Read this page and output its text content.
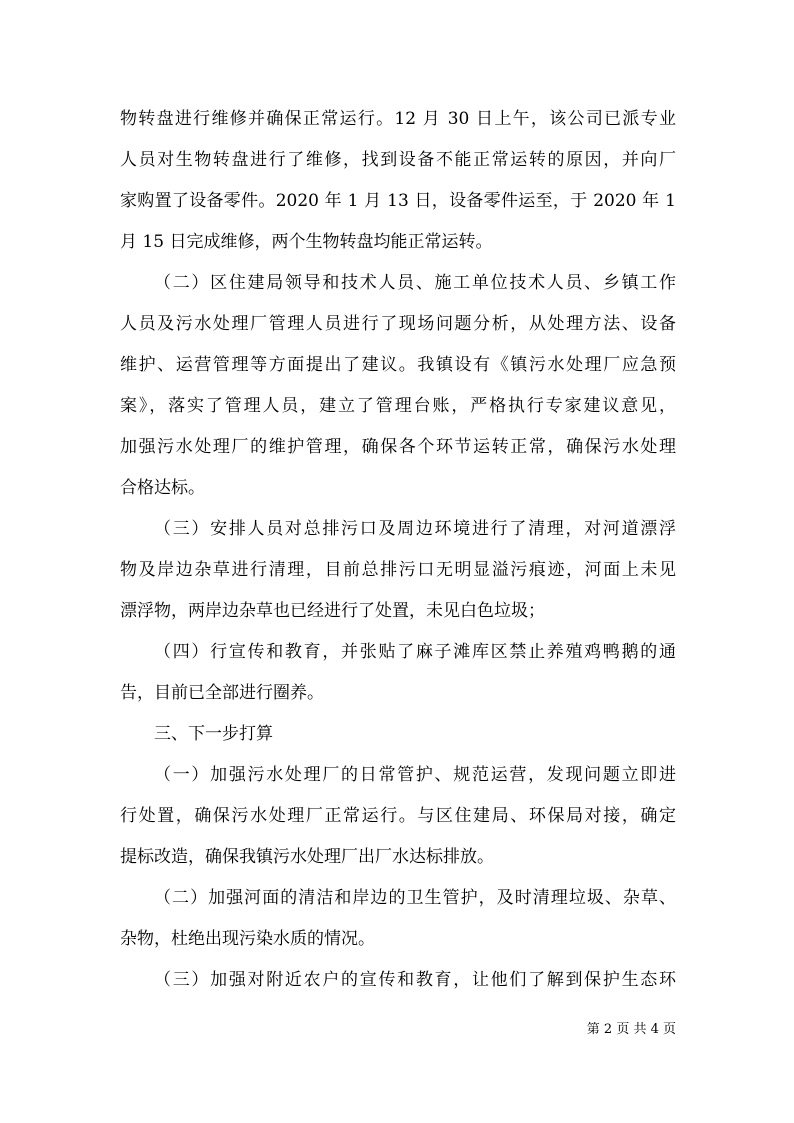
物转盘进行维修并确保正常运行。12 月 30 日上午，该公司已派专业
人员对生物转盘进行了维修，找到设备不能正常运转的原因，并向厂
家购置了设备零件。2020 年 1 月 13 日，设备零件运至，于 2020 年 1
月 15 日完成维修，两个生物转盘均能正常运转。
（二）区住建局领导和技术人员、施工单位技术人员、乡镇工作
人员及污水处理厂管理人员进行了现场问题分析，从处理方法、设备
维护、运营管理等方面提出了建议。我镇设有《镇污水处理厂应急预
案》，落实了管理人员，建立了管理台账，严格执行专家建议意见，
加强污水处理厂的维护管理，确保各个环节运转正常，确保污水处理
合格达标。
（三）安排人员对总排污口及周边环境进行了清理，对河道漂浮
物及岸边杂草进行清理，目前总排污口无明显溢污痕迹，河面上未见
漂浮物，两岸边杂草也已经进行了处置，未见白色垃圾；
（四）行宣传和教育，并张贴了麻子滩库区禁止养殖鸡鸭鹅的通
告，目前已全部进行圈养。
三、下一步打算
（一）加强污水处理厂的日常管护、规范运营，发现问题立即进
行处置，确保污水处理厂正常运行。与区住建局、环保局对接，确定
提标改造，确保我镇污水处理厂出厂水达标排放。
（二）加强河面的清洁和岸边的卫生管护，及时清理垃圾、杂草、
杂物，杜绝出现污染水质的情况。
（三）加强对附近农户的宣传和教育，让他们了解到保护生态环
第 2 页 共 4 页
